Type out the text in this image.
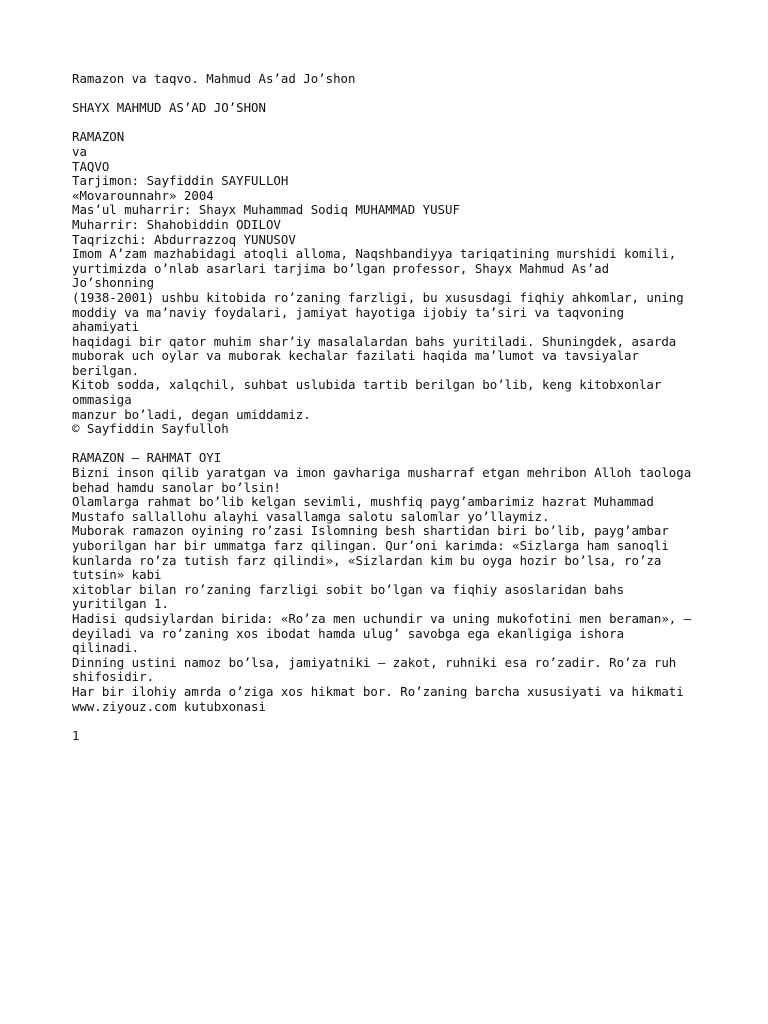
Ramazon va taqvo. Mahmud As’ad Jo’shon
SHAYX MAHMUD AS’AD JO’SHON
RAMAZON
va
TAQVO
Tarjimon: Sayfiddin SAYFULLOH
«Movarounnahr» 2004
Mas’ul muharrir: Shayx Muhammad Sodiq MUHAMMAD YUSUF
Muharrir: Shahobiddin ODILOV
Taqrizchi: Abdurrazzoq YUNUSOV
Imom A’zam mazhabidagi atoqli alloma, Naqshbandiyya tariqatining murshidi komili,
yurtimizda o’nlab asarlari tarjima bo’lgan professor, Shayx Mahmud As’ad
Jo’shonning
(1938-2001) ushbu kitobida ro’zaning farzligi, bu xususdagi fiqhiy ahkomlar, uning
moddiy va ma’naviy foydalari, jamiyat hayotiga ijobiy ta’siri va taqvoning
ahamiyati
haqidagi bir qator muhim shar’iy masalalardan bahs yuritiladi. Shuningdek, asarda
muborak uch oylar va muborak kechalar fazilati haqida ma’lumot va tavsiyalar
berilgan.
Kitob sodda, xalqchil, suhbat uslubida tartib berilgan bo’lib, keng kitobxonlar
ommasiga
manzur bo’ladi, degan umiddamiz.
© Sayfiddin Sayfulloh
RAMAZON – RAHMAT OYI
Bizni inson qilib yaratgan va imon gavhariga musharraf etgan mehribon Alloh taologa
behad hamdu sanolar bo’lsin!
Olamlarga rahmat bo’lib kelgan sevimli, mushfiq payg’ambarimiz hazrat Muhammad
Mustafo sallallohu alayhi vasallamga salotu salomlar yo’llaymiz.
Muborak ramazon oyining ro’zasi Islomning besh shartidan biri bo’lib, payg’ambar
yuborilgan har bir ummatga farz qilingan. Qur’oni karimda: «Sizlarga ham sanoqli
kunlarda ro’za tutish farz qilindi», «Sizlardan kim bu oyga hozir bo’lsa, ro’za
tutsin» kabi
xitoblar bilan ro’zaning farzligi sobit bo’lgan va fiqhiy asoslaridan bahs
yuritilgan 1.
Hadisi qudsiylardan birida: «Ro’za men uchundir va uning mukofotini men beraman», –
deyiladi va ro’zaning xos ibodat hamda ulug’ savobga ega ekanligiga ishora
qilinadi.
Dinning ustini namoz bo’lsa, jamiyatniki – zakot, ruhniki esa ro’zadir. Ro’za ruh
shifosidir.
Har bir ilohiy amrda o’ziga xos hikmat bor. Ro’zaning barcha xususiyati va hikmati
www.ziyouz.com kutubxonasi
1
